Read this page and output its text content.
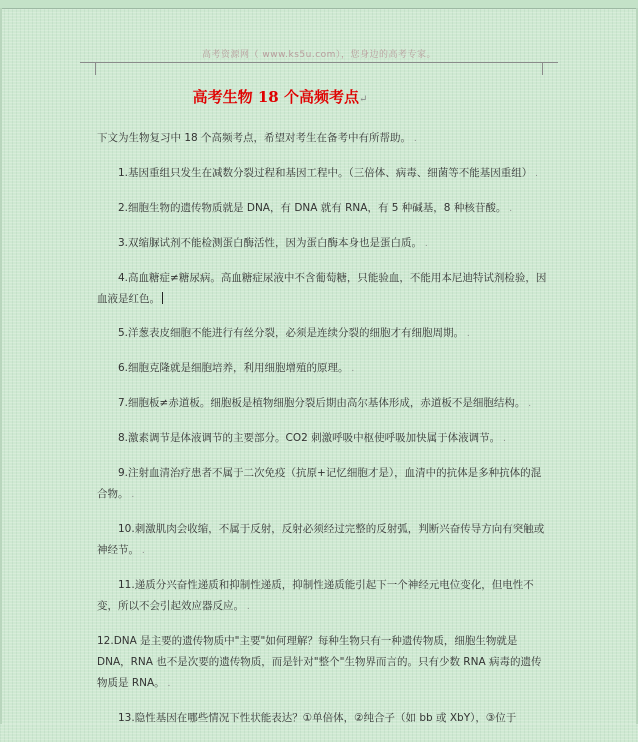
高考资源网（ www.ks5u.com），您身边的高考专家。
高考生物 18 个高频考点↵

下文为生物复习中 18 个高频考点，希望对考生在备考中有所帮助。 .

1.基因重组只发生在减数分裂过程和基因工程中。（三倍体、病毒、细菌等不能基因重组） .

2.细胞生物的遗传物质就是 DNA，有 DNA 就有 RNA，有 5 种碱基，8 种核苷酸。 .

3.双缩脲试剂不能检测蛋白酶活性，因为蛋白酶本身也是蛋白质。 .

4.高血糖症≠糖尿病。高血糖症尿液中不含葡萄糖，只能验血，不能用本尼迪特试剂检验，因血液是红色。

5.洋葱表皮细胞不能进行有丝分裂，必须是连续分裂的细胞才有细胞周期。 .

6.细胞克隆就是细胞培养，利用细胞增殖的原理。 .

7.细胞板≠赤道板。细胞板是植物细胞分裂后期由高尔基体形成，赤道板不是细胞结构。 .

8.激素调节是体液调节的主要部分。CO2 刺激呼吸中枢使呼吸加快属于体液调节。 .

9.注射血清治疗患者不属于二次免疫（抗原+记忆细胞才是），血清中的抗体是多种抗体的混合物。 .

10.刺激肌肉会收缩，不属于反射，反射必须经过完整的反射弧，判断兴奋传导方向有突触或神经节。 .

11.递质分兴奋性递质和抑制性递质，抑制性递质能引起下一个神经元电位变化，但电性不变，所以不会引起效应器反应。 .

12.DNA 是主要的遗传物质中"主要"如何理解？每种生物只有一种遗传物质，细胞生物就是 DNA，RNA 也不是次要的遗传物质，而是针对"整个"生物界而言的。只有少数 RNA 病毒的遗传物质是 RNA。 .

13.隐性基因在哪些情况下性状能表达？①单倍体，②纯合子（如 bb 或 XbY），③位于
